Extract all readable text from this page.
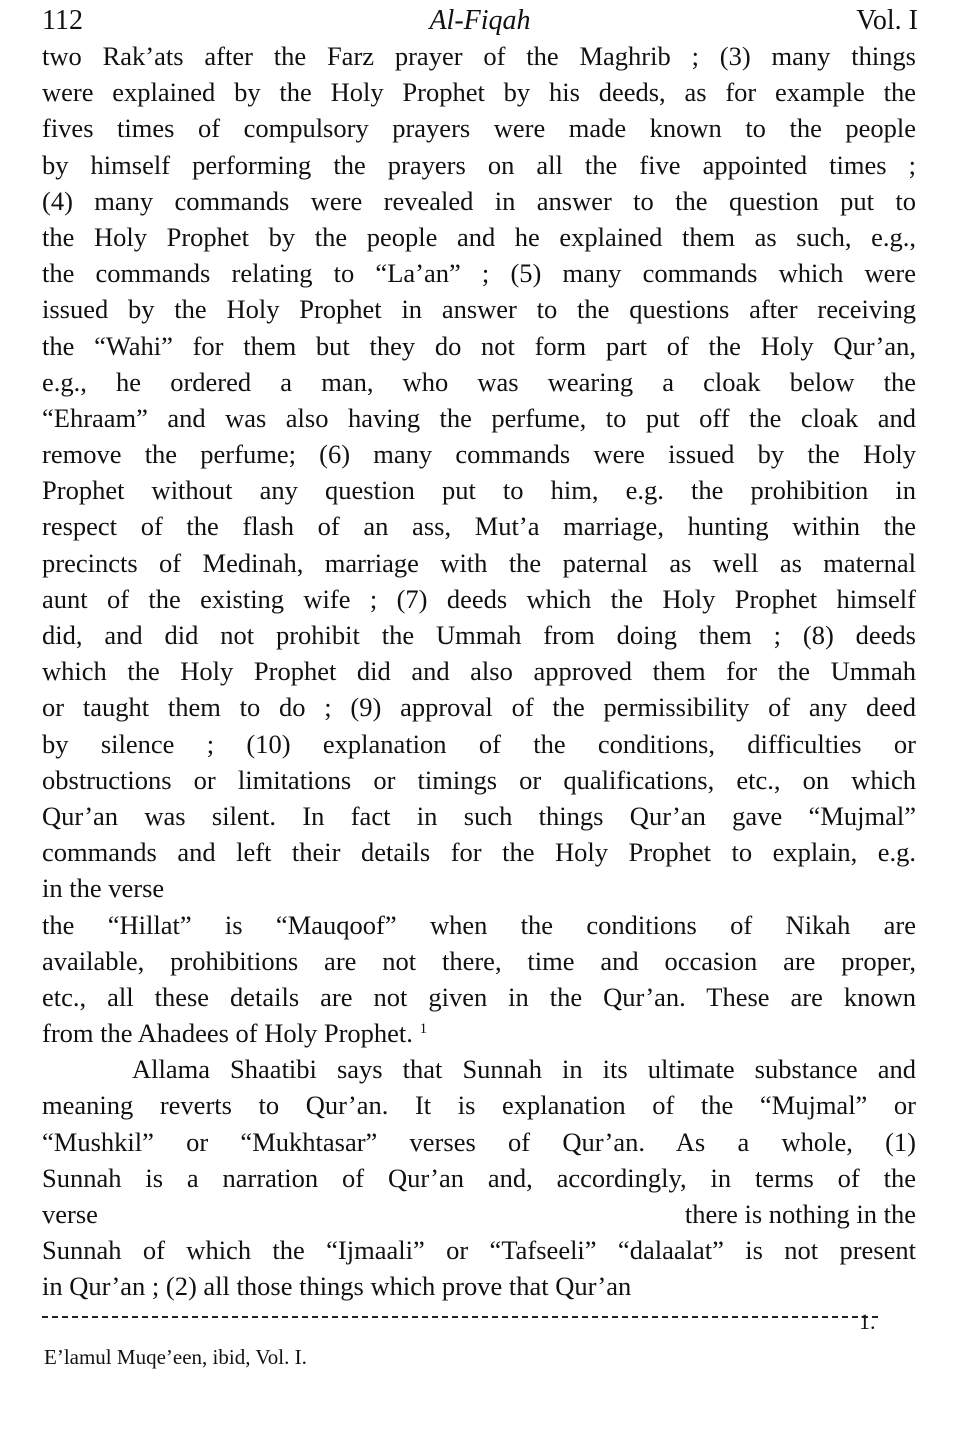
112	Al-Fiqah	Vol. I
two Rak’ats after the Farz prayer of the Maghrib ; (3) many things
were explained by the Holy Prophet by his deeds, as for example the
fives times of compulsory prayers were made known to the people
by himself performing the prayers on all the five appointed times ;
(4) many commands were revealed in answer to the question put to
the Holy Prophet by the people and he explained them as such, e.g.,
the commands relating to “La’an” ; (5) many commands which were
issued by the Holy Prophet in answer to the questions after receiving
the “Wahi” for them but they do not form part of the Holy Qur’an,
e.g., he ordered a man, who was wearing a cloak below the
“Ehraam” and was also having the perfume, to put off the cloak and
remove the perfume; (6) many commands were issued by the Holy
Prophet without any question put to him, e.g. the prohibition in
respect of the flash of an ass, Mut’a marriage, hunting within the
precincts of Medinah, marriage with the paternal as well as maternal
aunt of the existing wife ; (7) deeds which the Holy Prophet himself
did, and did not prohibit the Ummah from doing them ; (8) deeds
which the Holy Prophet did and also approved them for the Ummah
or taught them to do ; (9) approval of the permissibility of any deed
by silence ; (10) explanation of the conditions, difficulties or
obstructions or limitations or timings or qualifications, etc., on which
Qur’an was silent. In fact in such things Qur’an gave “Mujmal”
commands and left their details for the Holy Prophet to explain, e.g.
in the verse
the “Hillat” is “Mauqoof” when the conditions of Nikah are
available, prohibitions are not there, time and occasion are proper,
etc., all these details are not given in the Qur’an. These are known
from the Ahadees of Holy Prophet. $^1$
Allama Shaatibi says that Sunnah in its ultimate substance and
meaning reverts to Qur’an. It is explanation of the “Mujmal” or
“Mushkil” or “Mukhtasar” verses of Qur’an. As a whole, (1)
Sunnah is a narration of Qur’an and, accordingly, in terms of the
verse	there is nothing in the
Sunnah of which the “Ijmaali” or “Tafseeli” “dalaalat” is not present
in Qur’an ; (2) all those things which prove that Qur’an
1.
E’lamul Muqe’een, ibid, Vol. I.
